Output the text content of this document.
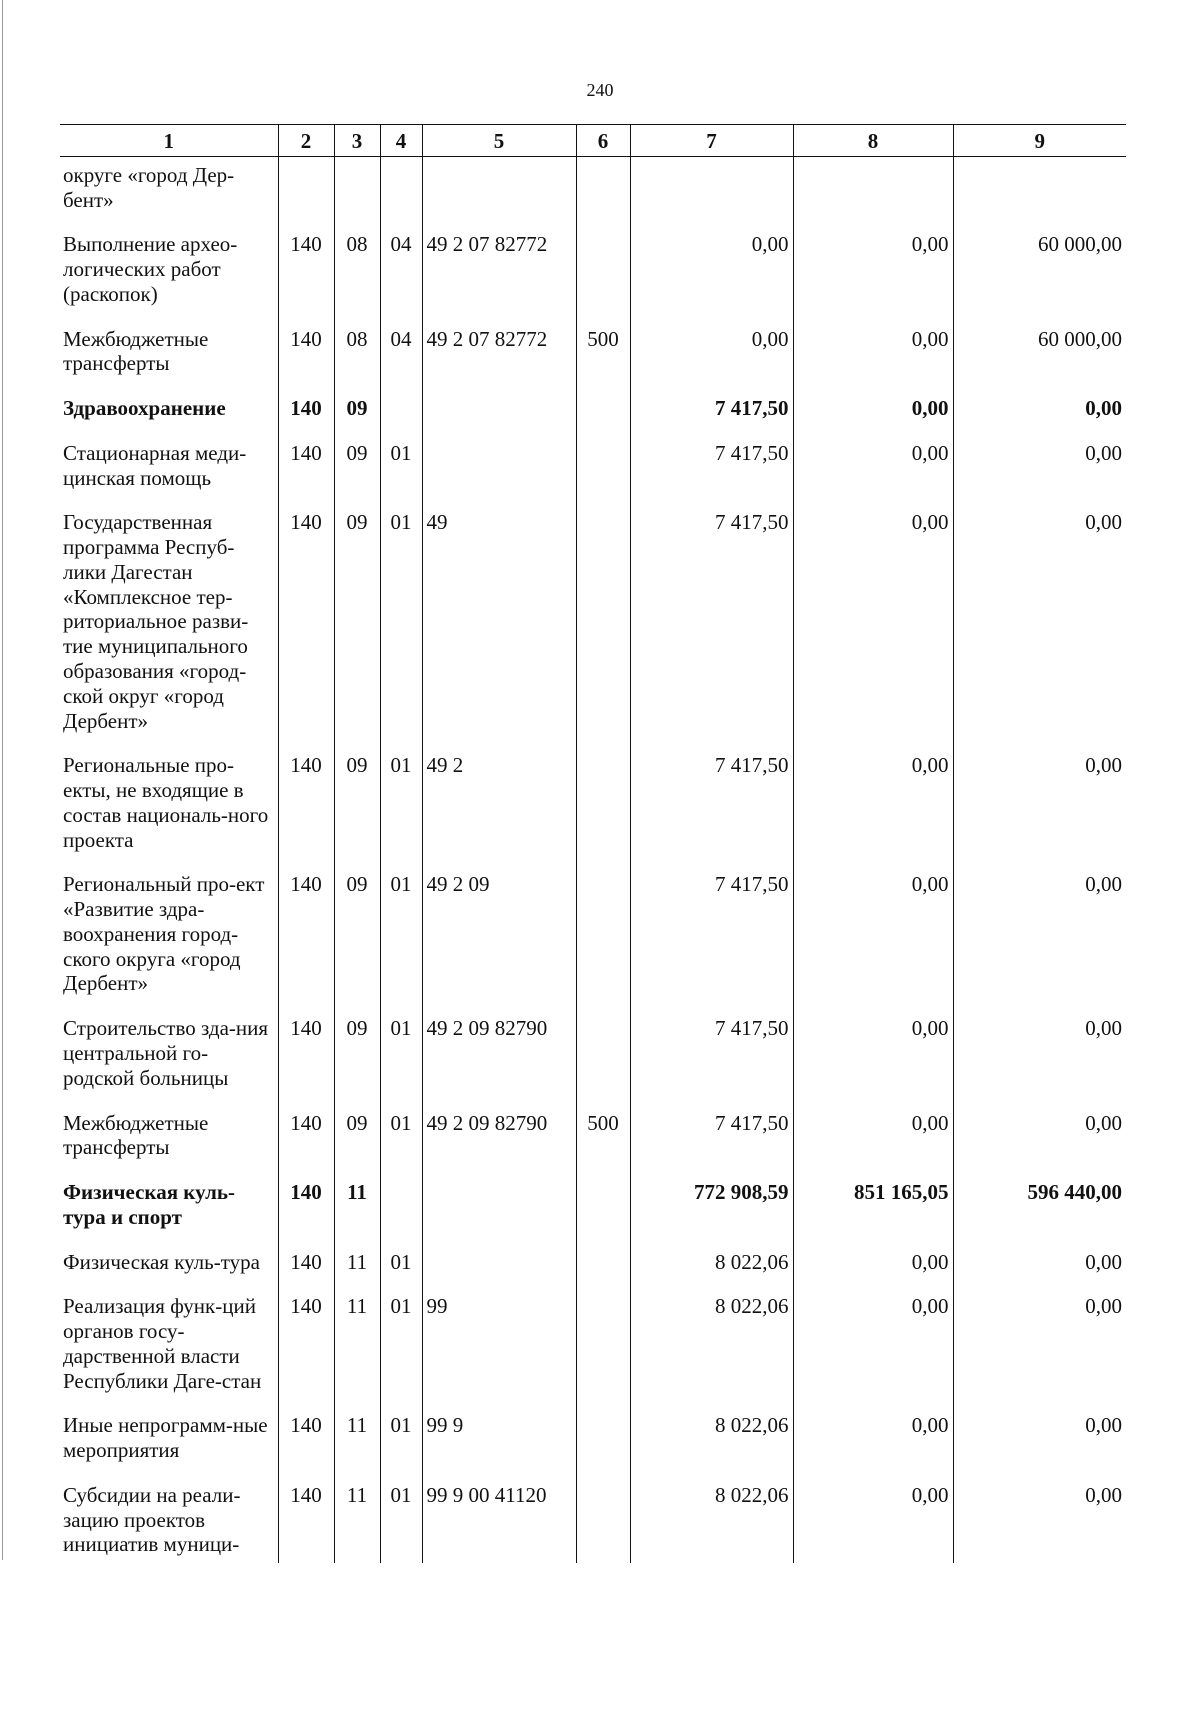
240
1	2	3	4	5	6	7	8	9
округе «город Дер-бент»								
Выполнение архео-логических работ (раскопок)	140	08	04	49 2 07 82772		0,00	0,00	60 000,00
Межбюджетные трансферты	140	08	04	49 2 07 82772	500	0,00	0,00	60 000,00
Здравоохранение	140	09				7 417,50	0,00	0,00
Стационарная меди-цинская помощь	140	09	01			7 417,50	0,00	0,00
Государственная программа Респуб-лики Дагестан «Комплексное тер-риториальное разви-тие муниципального образования «город-ской округ «город Дербент»	140	09	01	49		7 417,50	0,00	0,00
Региональные про-екты, не входящие в состав националь-ного проекта	140	09	01	49 2		7 417,50	0,00	0,00
Региональный про-ект «Развитие здра-воохранения город-ского округа «город Дербент»	140	09	01	49 2 09		7 417,50	0,00	0,00
Строительство зда-ния центральной го-родской больницы	140	09	01	49 2 09 82790		7 417,50	0,00	0,00
Межбюджетные трансферты	140	09	01	49 2 09 82790	500	7 417,50	0,00	0,00
Физическая куль-тура и спорт	140	11				772 908,59	851 165,05	596 440,00
Физическая куль-тура	140	11	01			8 022,06	0,00	0,00
Реализация функ-ций органов госу-дарственной власти Республики Даге-стан	140	11	01	99		8 022,06	0,00	0,00
Иные непрограмм-ные мероприятия	140	11	01	99 9		8 022,06	0,00	0,00
Субсидии на реали-зацию проектов инициатив муници-	140	11	01	99 9 00 41120		8 022,06	0,00	0,00
